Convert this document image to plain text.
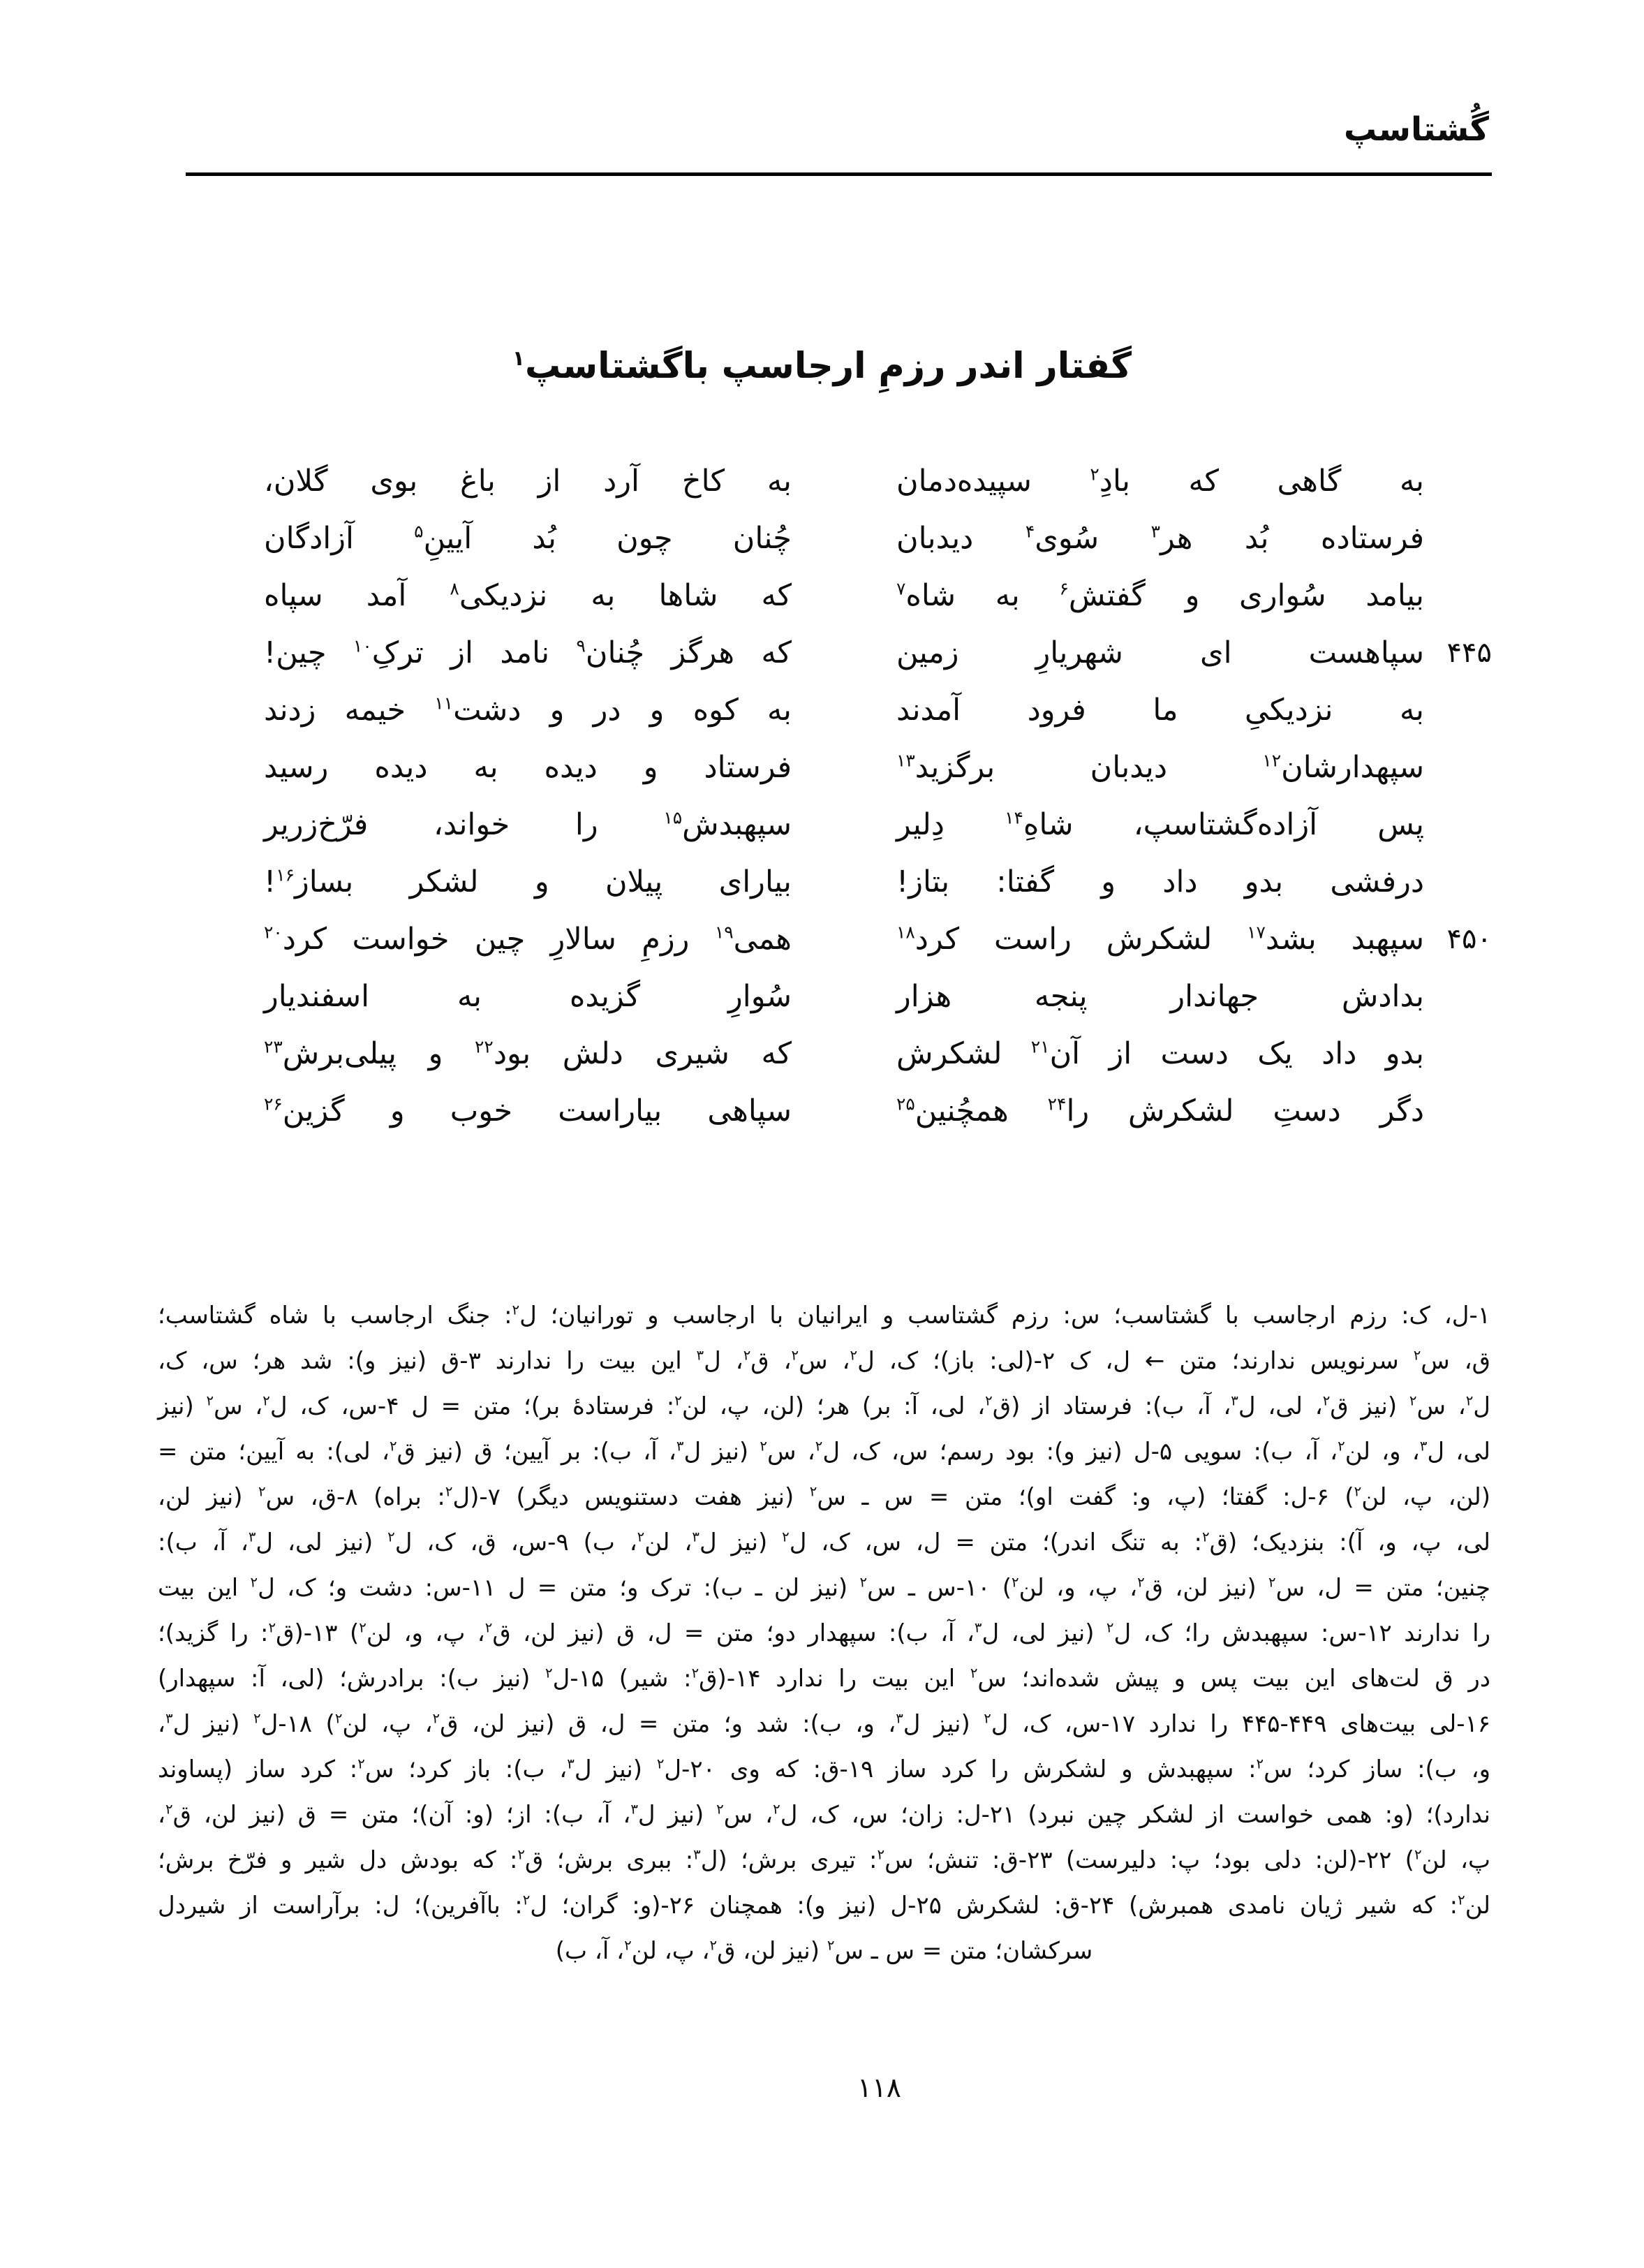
گُشتاسپ
گفتار اندر رزمِ ارجاسپ باگشتاسپ$^۱$
۴۴۵
۴۵۰
به گاهی که بادِ$^۲$ سپیده‌دمان
به کاخ آرد از باغ بوی گلان،
فرستاده بُد هر$^۳$ سُوی$^۴$ دیدبان
چُنان چون بُد آیینِ$^۵$ آزادگان
بیامد سُواری و گفتش$^۶$ به شاه$^۷$
که شاها به نزدیکی$^۸$ آمد سپاه
سپاهست ای شهریارِ زمین
که هرگز چُنان$^۹$ نامد از ترکِ$^{۱۰}$ چین!
به نزدیکیِ ما فرود آمدند
به کوه و در و دشت$^{۱۱}$ خیمه زدند
سپهدارشان$^{۱۲}$ دیدبان برگزید$^{۱۳}$
فرستاد و دیده به دیده رسید
پس آزاده‌گشتاسپ، شاهِ$^{۱۴}$ دِلیر
سپهبدش$^{۱۵}$ را خواند، فرّخ‌زریر
درفشی بدو داد و گفتا: بتاز!
بیارای پیلان و لشکر بساز$^{۱۶}$!
سپهبد بشد$^{۱۷}$ لشکرش راست کرد$^{۱۸}$
همی$^{۱۹}$ رزمِ سالارِ چین خواست کرد$^{۲۰}$
بدادش جهاندار پنجه هزار
سُوارِ گزیده به اسفندیار
بدو داد یک دست از آن$^{۲۱}$ لشکرش
که شیری دلش بود$^{۲۲}$ و پیلی‌برش$^{۲۳}$
دگر دستِ لشکرش را$^{۲۴}$ همچُنین$^{۲۵}$
سپاهی بیاراست خوب و گزین$^{۲۶}$
۱-ل، ک: رزم ارجاسب با گشتاسب؛ س: رزم گشتاسب و ایرانیان با ارجاسب و تورانیان؛ ل$^۲$: جنگ ارجاسب با شاه گشتاسب؛
ق، س$^۲$ سرنویس ندارند؛ متن ← ل، ک ۲-(لی: باز)؛ ک، ل$^۲$، س$^۲$، ق$^۲$، ل$^۳$ این بیت را ندارند ۳-ق (نیز و): شد هر؛ س، ک،
ل$^۲$، س$^۲$ (نیز ق$^۲$، لی، ل$^۳$، آ، ب): فرستاد از (ق$^۲$، لی، آ: بر) هر؛ (لن، پ، لن$^۲$: فرستادهٔ بر)؛ متن = ل ۴-س، ک، ل$^۲$، س$^۲$ (نیز
لی، ل$^۳$، و، لن$^۲$، آ، ب): سویی ۵-ل (نیز و): بود رسم؛ س، ک، ل$^۲$، س$^۲$ (نیز ل$^۳$، آ، ب): بر آیین؛ ق (نیز ق$^۲$، لی): به آیین؛ متن =
(لن، پ، لن$^۲$) ۶-ل: گفتا؛ (پ، و: گفت او)؛ متن = س ـ س$^۲$ (نیز هفت دستنویس دیگر) ۷-(ل$^۲$: براه) ۸-ق، س$^۲$ (نیز لن،
لی، پ، و، آ): بنزدیک؛ (ق$^۲$: به تنگ اندر)؛ متن = ل، س، ک، ل$^۲$ (نیز ل$^۳$، لن$^۲$، ب) ۹-س، ق، ک، ل$^۲$ (نیز لی، ل$^۳$، آ، ب):
چنین؛ متن = ل، س$^۲$ (نیز لن، ق$^۲$، پ، و، لن$^۲$) ۱۰-س ـ س$^۲$ (نیز لن ـ ب): ترک و؛ متن = ل ۱۱-س: دشت و؛ ک، ل$^۲$ این بیت
را ندارند ۱۲-س: سپهبدش را؛ ک، ل$^۲$ (نیز لی، ل$^۳$، آ، ب): سپهدار دو؛ متن = ل، ق (نیز لن، ق$^۲$، پ، و، لن$^۲$) ۱۳-(ق$^۲$: را گزید)؛
در ق لت‌های این بیت پس و پیش شده‌اند؛ س$^۲$ این بیت را ندارد ۱۴-(ق$^۲$: شیر) ۱۵-ل$^۲$ (نیز ب): برادرش؛ (لی، آ: سپهدار)
۱۶-لی بیت‌های ‎۴۴۵-۴۴۹‎ را ندارد ۱۷-س، ک، ل$^۲$ (نیز ل$^۳$، و، ب): شد و؛ متن = ل، ق (نیز لن، ق$^۲$، پ، لن$^۲$) ۱۸-ل$^۲$ (نیز ل$^۳$،
و، ب): ساز کرد؛ س$^۲$: سپهبدش و لشکرش را کرد ساز ۱۹-ق: که وی ۲۰-ل$^۲$ (نیز ل$^۳$، ب): باز کرد؛ س$^۲$: کرد ساز (پساوند
ندارد)؛ (و: همی خواست از لشکر چین نبرد) ۲۱-ل: زان؛ س، ک، ل$^۲$، س$^۲$ (نیز ل$^۳$، آ، ب): از؛ (و: آن)؛ متن = ق (نیز لن، ق$^۲$،
پ، لن$^۲$) ۲۲-(لن: دلی بود؛ پ: دلیرست) ۲۳-ق: تنش؛ س$^۲$: تیری برش؛ (ل$^۳$: ببری برش؛ ق$^۲$: که بودش دل شیر و فرّخ برش؛
لن$^۲$: که شیر ژیان نامدی همبرش) ۲۴-ق: لشکرش ۲۵-ل (نیز و): همچنان ۲۶-(و: گران؛ ل$^۲$: باآفرین)؛ ل: برآراست از شیردل
سرکشان؛ متن = س ـ س$^۲$ (نیز لن، ق$^۲$، پ، لن$^۲$، آ، ب)
۱۱۸
